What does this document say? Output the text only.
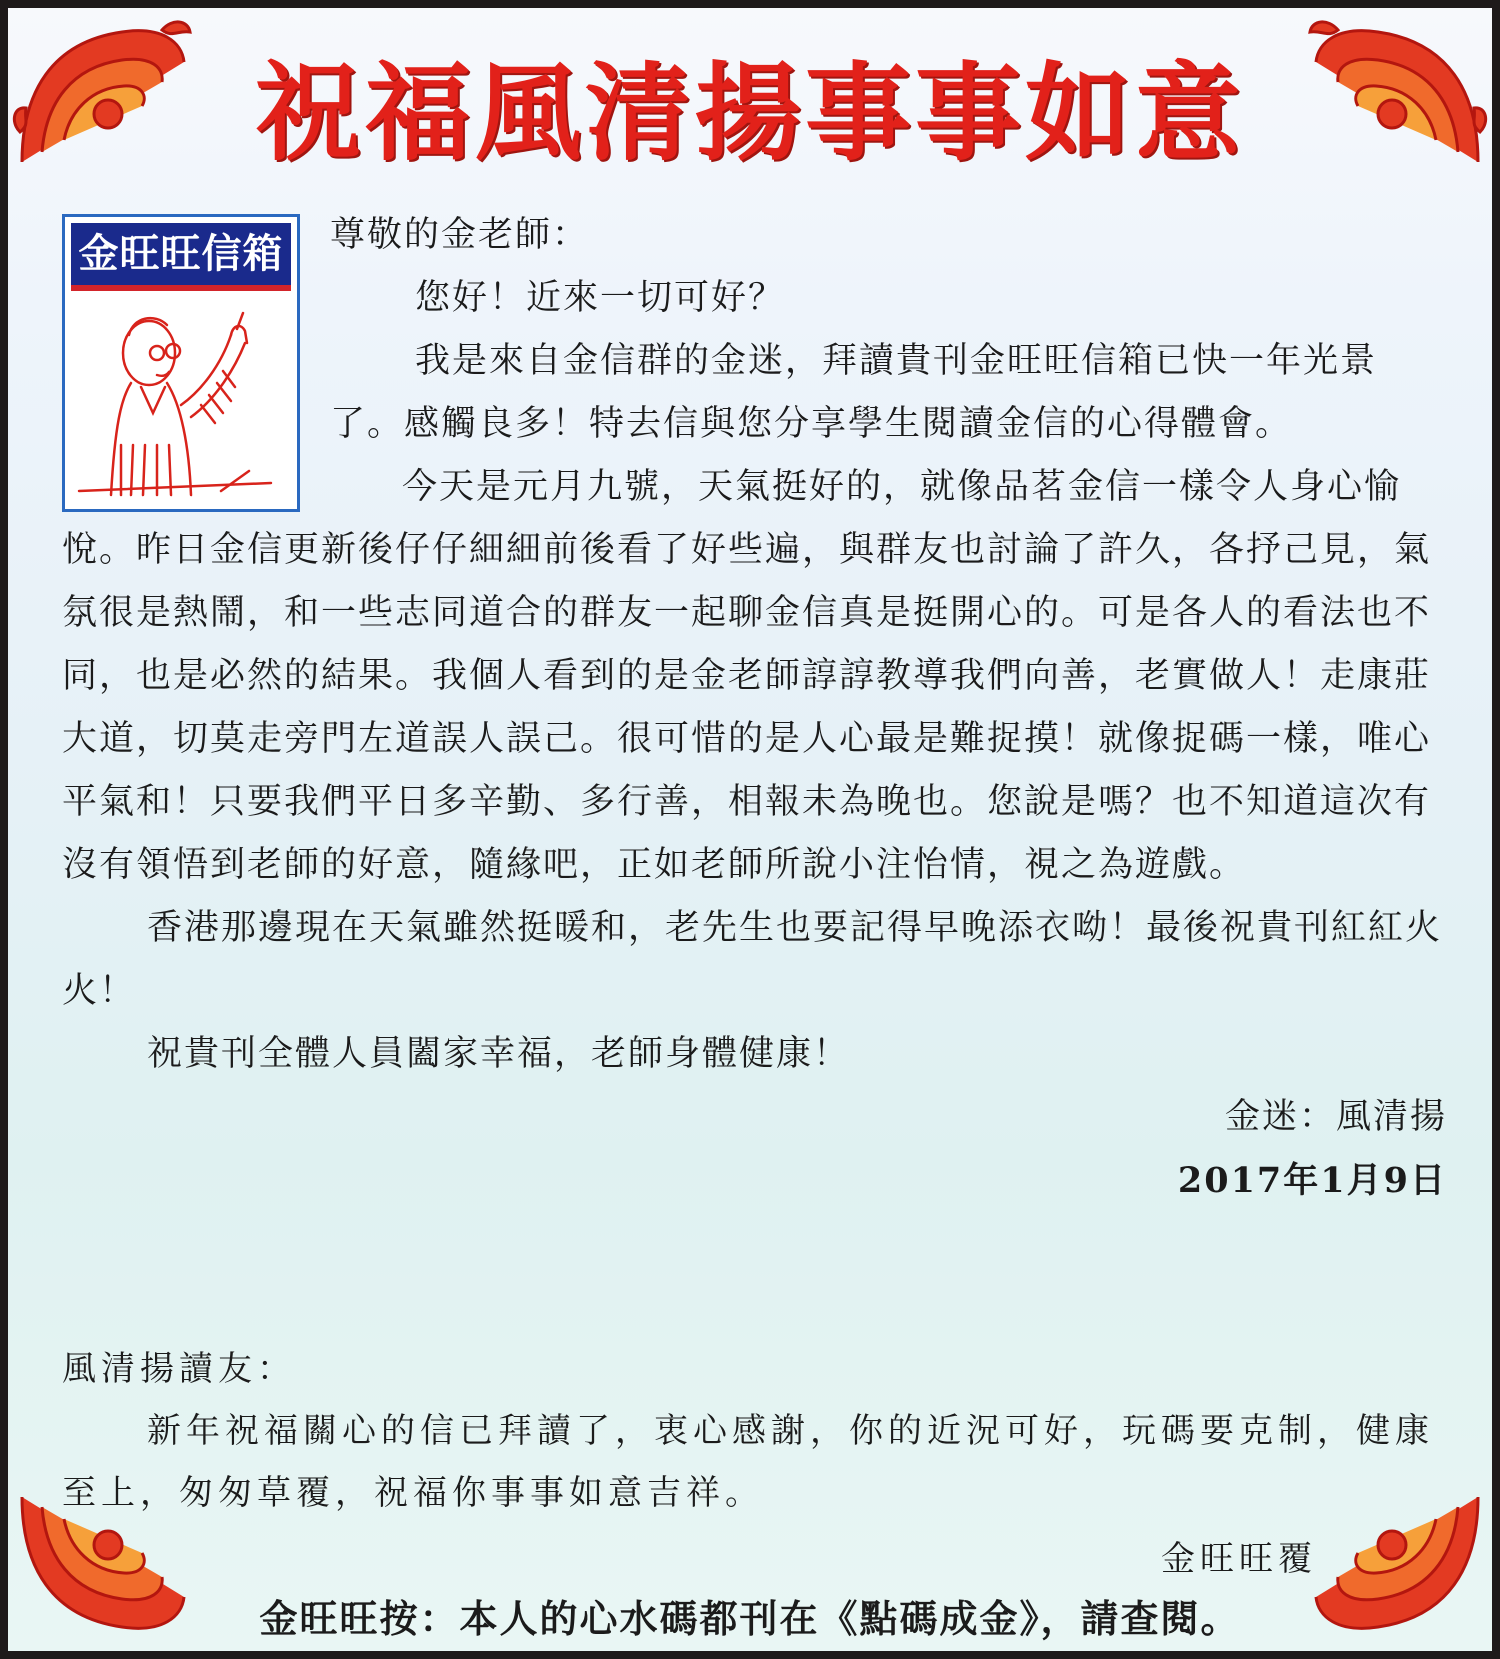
祝福風清揚事事如意
金旺旺信箱 尊敬的金老師：

您好！近來一切可好？

我是來自金信群的金迷，拜讀貴刊金旺旺信箱已快一年光景了。感觸良多！特去信與您分享學生閱讀金信的心得體會。

今天是元月九號，天氣挺好的，就像品茗金信一樣令人身心愉悅。昨日金信更新後仔仔細細前後看了好些遍，與群友也討論了許久，各抒己見，氣氛很是熱鬧，和一些志同道合的群友一起聊金信真是挺開心的。可是各人的看法也不同，也是必然的結果。我個人看到的是金老師諄諄教導我們向善，老實做人！走康莊大道，切莫走旁門左道誤人誤己。很可惜的是人心最是難捉摸！就像捉碼一樣，唯心平氣和！只要我們平日多辛勤、多行善，相報未為晚也。您說是嗎？也不知道這次有沒有領悟到老師的好意，隨緣吧，正如老師所說小注怡情，視之為遊戲。

香港那邊現在天氣雖然挺暖和，老先生也要記得早晚添衣呦！最後祝貴刊紅紅火火！

祝貴刊全體人員闔家幸福，老師身體健康！

金迷：風清揚

2017年1月9日

風清揚讀友：

新年祝福關心的信已拜讀了，衷心感謝，你的近況可好，玩碼要克制，健康至上，匆匆草覆，祝福你事事如意吉祥。

金旺旺覆

金旺旺按：本人的心水碼都刊在《點碼成金》，請查閱。
